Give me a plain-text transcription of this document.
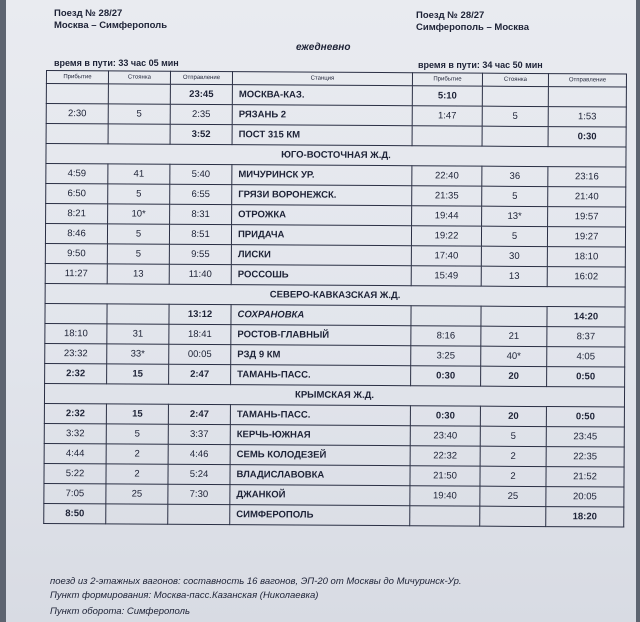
Поезд № 28/27
Москва – Симферополь
Поезд № 28/27
Симферополь – Москва
ежедневно
время в пути: 33 час 05 мин	время в пути: 34 час 50 мин
Прибытие	Стоянка	Отправление	Станция	Прибытие	Стоянка	Отправление
		23:45	МОСКВА-КАЗ.	5:10		
2:30	5	2:35	РЯЗАНЬ 2	1:47	5	1:53
		3:52	ПОСТ 315 КМ			0:30
ЮГО-ВОСТОЧНАЯ Ж.Д.						
4:59	41	5:40	МИЧУРИНСК УР.	22:40	36	23:16
6:50	5	6:55	ГРЯЗИ ВОРОНЕЖСК.	21:35	5	21:40
8:21	10*	8:31	ОТРОЖКА	19:44	13*	19:57
8:46	5	8:51	ПРИДАЧА	19:22	5	19:27
9:50	5	9:55	ЛИСКИ	17:40	30	18:10
11:27	13	11:40	РОССОШЬ	15:49	13	16:02
СЕВЕРО-КАВКАЗСКАЯ Ж.Д.						
		13:12	СОХРАНОВКА			14:20
18:10	31	18:41	РОСТОВ-ГЛАВНЫЙ	8:16	21	8:37
23:32	33*	00:05	РЗД 9 КМ	3:25	40*	4:05
2:32	15	2:47	ТАМАНЬ-ПАСС.	0:30	20	0:50
КРЫМСКАЯ Ж.Д.						
2:32	15	2:47	ТАМАНЬ-ПАСС.	0:30	20	0:50
3:32	5	3:37	КЕРЧЬ-ЮЖНАЯ	23:40	5	23:45
4:44	2	4:46	СЕМЬ КОЛОДЕЗЕЙ	22:32	2	22:35
5:22	2	5:24	ВЛАДИСЛАВОВКА	21:50	2	21:52
7:05	25	7:30	ДЖАНКОЙ	19:40	25	20:05
8:50			СИМФЕРОПОЛЬ			18:20
поезд из 2-этажных вагонов: составность 16 вагонов, ЭП-20 от Москвы до Мичуринск-Ур.
Пункт формирования: Москва-пасс.Казанская (Николаевка)
Пункт оборота: Симферополь
